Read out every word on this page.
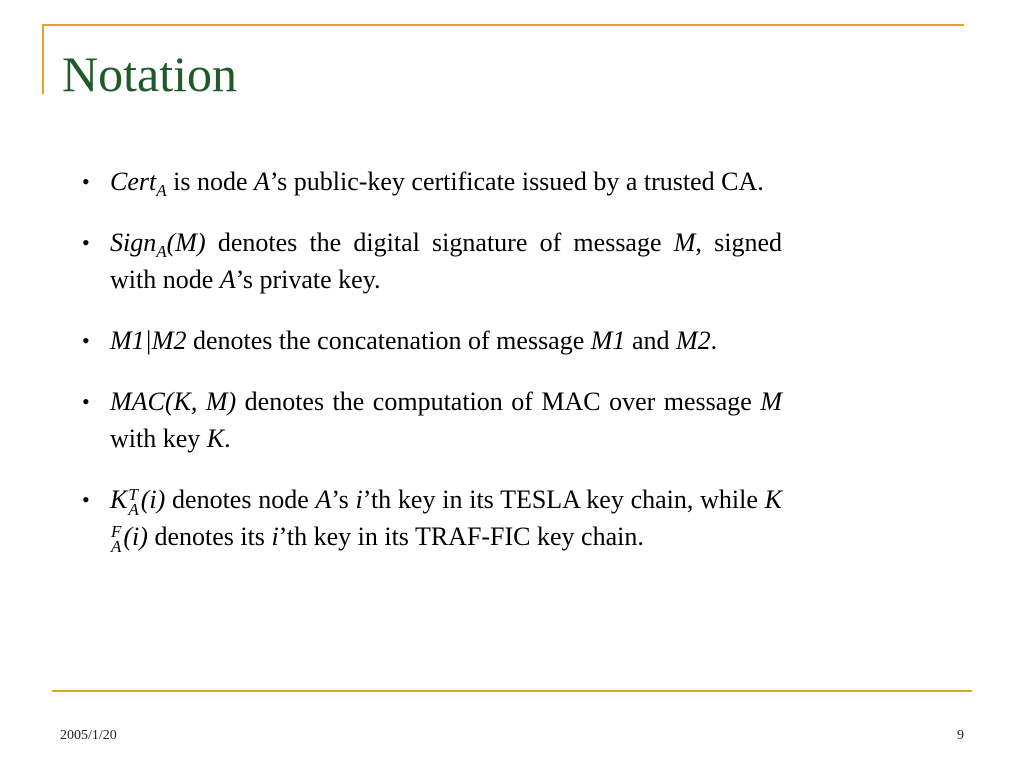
Notation
• Cert$_A$ is node A’s public-key certificate issued by a trusted CA.
• Sign$_A$(M) denotes the digital signature of message M, signed with node A’s private key.
• M1|M2 denotes the concatenation of message M1 and M2.
• MAC(K, M) denotes the computation of MAC over message M with key K.
• K T
A (i) denotes node A’s i’th key in its TESLA key chain, while K
F
A (i) denotes its i’th key in its TRAF-FIC key chain.
2005/1/20	9
